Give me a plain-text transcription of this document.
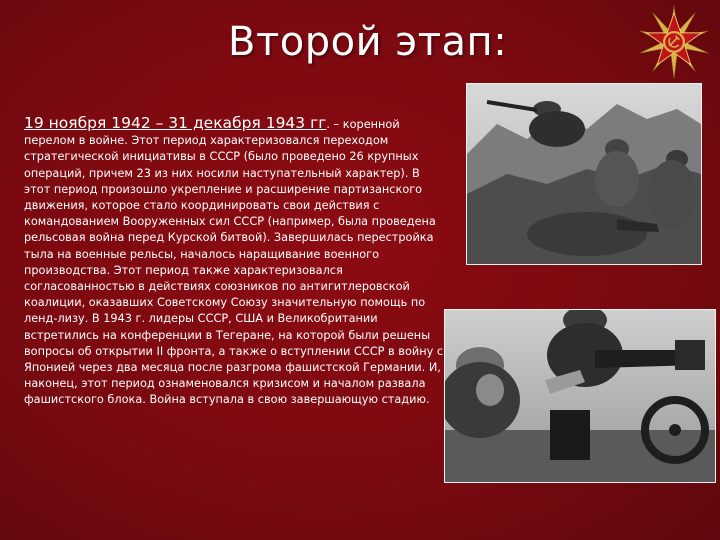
Второй этап:
19 ноября 1942 – 31 декабря 1943 гг. – коренной перелом в войне. Этот период характеризовался переходом стратегической инициативы в СССР (было проведено 26 крупных операций, причем 23 из них носили наступательный характер). В этот период произошло укрепление и расширение партизанского движения, которое стало координировать свои действия с командованием Вооруженных сил СССР (например, была проведена рельсовая война перед Курской битвой). Завершилась перестройка тыла на военные рельсы, началось наращивание военного производства. Этот период также характеризовался согласованностью в действиях союзников по антигитлеровской коалиции, оказавших Советскому Союзу значительную помощь по ленд-лизу. В 1943 г. лидеры СССР, США и Великобритании встретились на конференции в Тегеране, на которой были решены вопросы об открытии II фронта, а также о вступлении СССР в войну с Японией через два месяца после разгрома фашистской Германии. И, наконец, этот период ознаменовался кризисом и началом развала фашистского блока. Война вступала в свою завершающую стадию.
